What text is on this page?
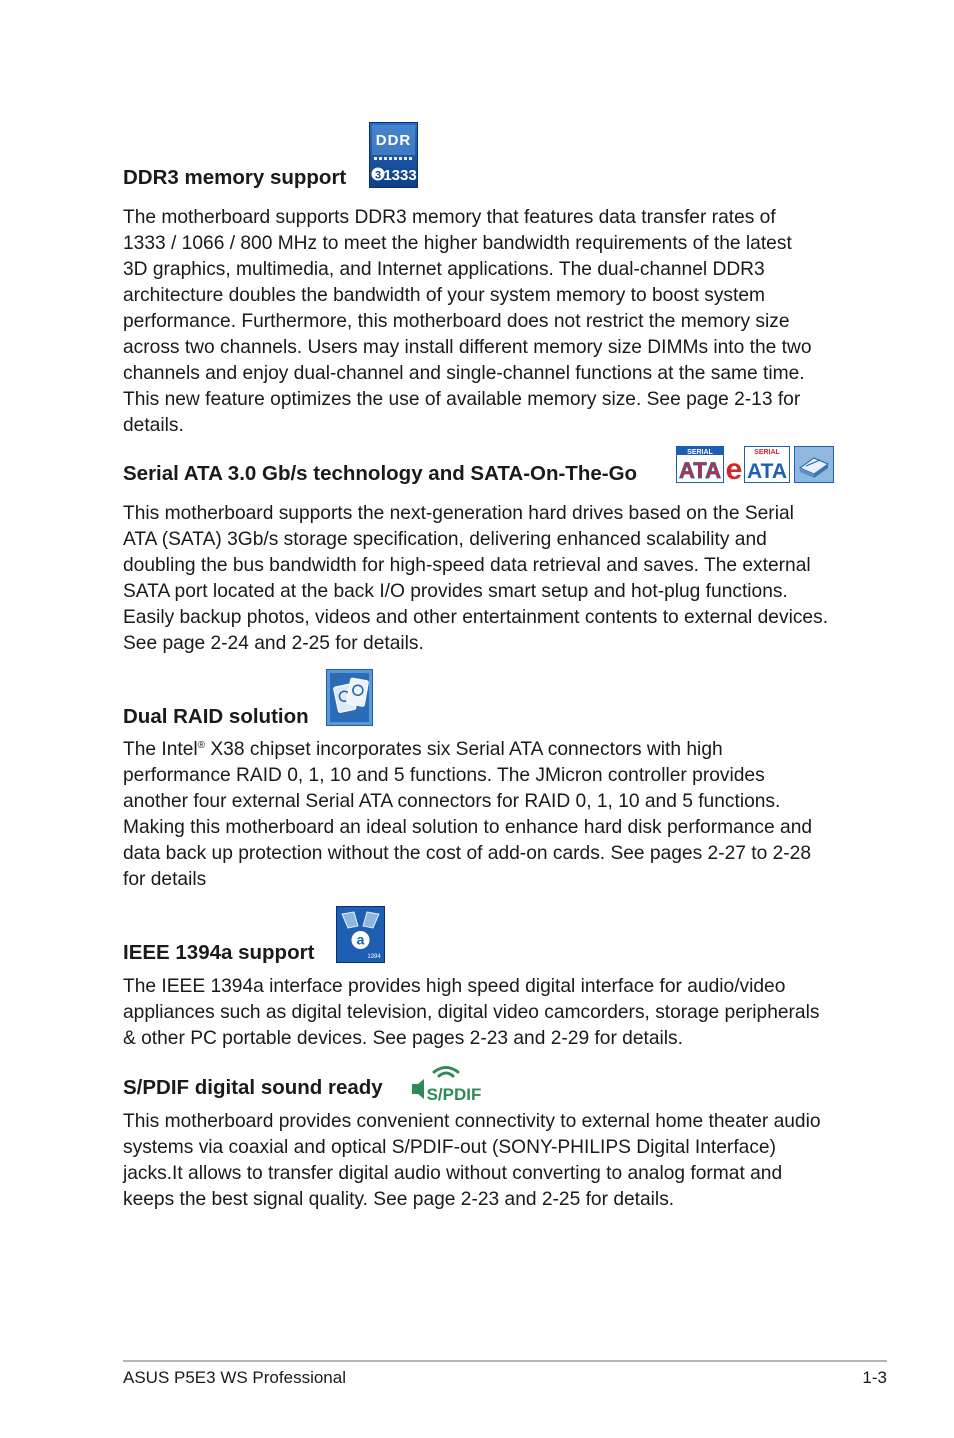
DDR3 memory support
DDR
3 1333
The motherboard supports DDR3 memory that features data transfer rates of
1333 / 1066 / 800 MHz to meet the higher bandwidth requirements of the latest
3D graphics, multimedia, and Internet applications. The dual-channel DDR3
architecture doubles the bandwidth of your system memory to boost system
performance. Furthermore, this motherboard does not restrict the memory size
across two channels. Users may install different memory size DIMMs into the two
channels and enjoy dual-channel and single-channel functions at the same time.
This new feature optimizes the use of available memory size. See page 2-13 for
details.
Serial ATA 3.0 Gb/s technology and SATA-On-The-Go
SERIAL
ATA e
SERIAL
ATA
This motherboard supports the next-generation hard drives based on the Serial
ATA (SATA) 3Gb/s storage specification, delivering enhanced scalability and
doubling the bus bandwidth for high-speed data retrieval and saves. The external
SATA port located at the back I/O provides smart setup and hot-plug functions.
Easily backup photos, videos and other entertainment contents to external devices.
See page 2-24 and 2-25 for details.
Dual RAID solution
The Intel® X38 chipset incorporates six Serial ATA connectors with high
performance RAID 0, 1, 10 and 5 functions. The JMicron controller provides
another four external Serial ATA connectors for RAID 0, 1, 10 and 5 functions.
Making this motherboard an ideal solution to enhance hard disk performance and
data back up protection without the cost of add-on cards. See pages 2-27 to 2-28
for details
IEEE 1394a support
a
1394
The IEEE 1394a interface provides high speed digital interface for audio/video
appliances such as digital television, digital video camcorders, storage peripherals
& other PC portable devices. See pages 2-23 and 2-29 for details.
S/PDIF digital sound ready	S/PDIF
This motherboard provides convenient connectivity to external home theater audio
systems via coaxial and optical S/PDIF-out (SONY-PHILIPS Digital Interface)
jacks.It allows to transfer digital audio without converting to analog format and
keeps the best signal quality. See page 2-23 and 2-25 for details.
ASUS P5E3 WS Professional	1-3
